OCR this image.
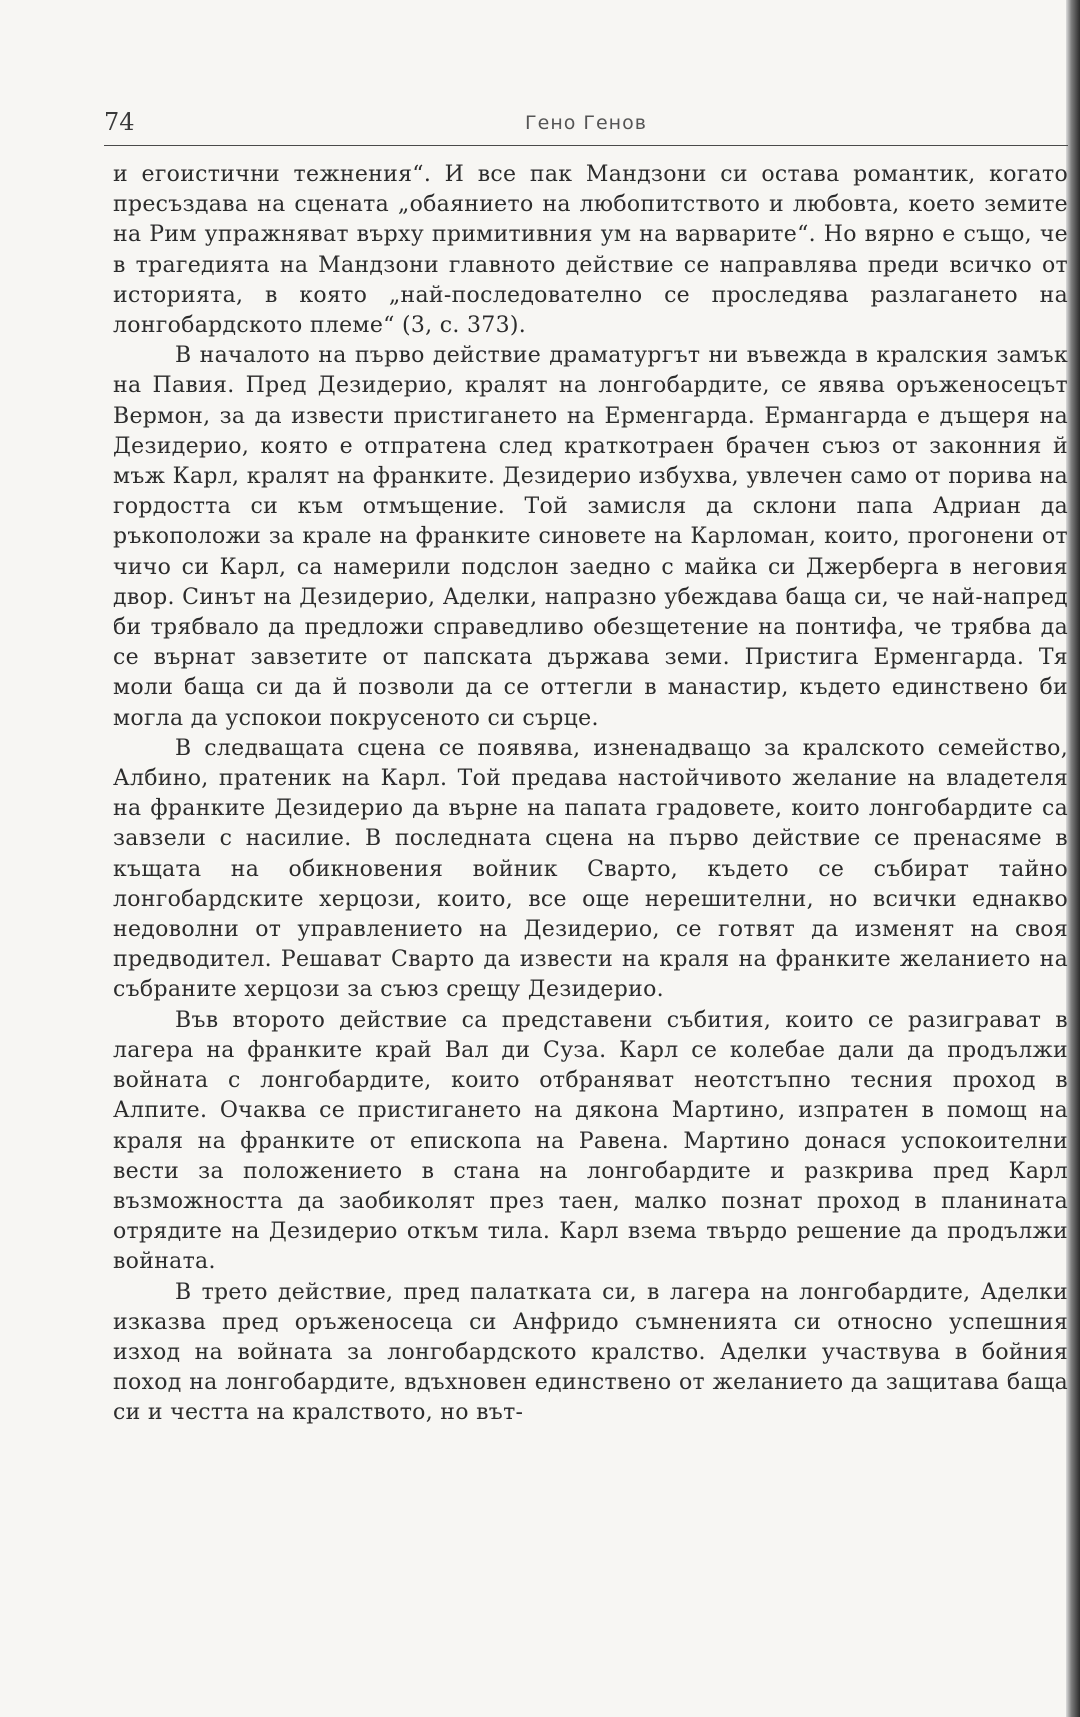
74	Гено Генов

и егоистични тежнения“. И все пак Мандзони си остава романтик, когато пресъздава на сцената „обаянието на любопитството и любовта, което земите на Рим упражняват върху примитивния ум на варварите“. Но вярно е също, че в трагедията на Мандзони главното действие се направлява преди всичко от историята, в която „най-последователно се проследява разлагането на лонгобардското племе“ (3, с. 373).

В началото на първо действие драматургът ни въвежда в кралския замък на Павия. Пред Дезидерио, кралят на лонгобардите, се явява оръженосецът Вермон, за да извести пристигането на Ерменгарда. Ермангарда е дъщеря на Дезидерио, която е отпратена след краткотраен брачен съюз от законния й мъж Карл, кралят на франките. Дезидерио избухва, увлечен само от порива на гордостта си към отмъщение. Той замисля да склони папа Адриан да ръкоположи за крале на франките синовете на Карломан, които, прогонени от чичо си Карл, са намерили подслон заедно с майка си Джерберга в неговия двор. Синът на Дезидерио, Аделки, напразно убеждава баща си, че най-напред би трябвало да предложи справедливо обезщетение на понтифа, че трябва да се върнат завзетите от папската държава земи. Пристига Ерменгарда. Тя моли баща си да й позволи да се оттегли в манастир, където единствено би могла да успокои покрусеното си сърце.

В следващата сцена се появява, изненадващо за кралското семейство, Албино, пратеник на Карл. Той предава настойчивото желание на владетеля на франките Дезидерио да върне на папата градовете, които лонгобардите са завзели с насилие. В последната сцена на първо действие се пренасяме в къщата на обикновения войник Сварто, където се събират тайно лонгобардските херцози, които, все още нерешителни, но всички еднакво недоволни от управлението на Дезидерио, се готвят да изменят на своя предводител. Решават Сварто да извести на краля на франките желанието на събраните херцози за съюз срещу Дезидерио.

Във второто действие са представени събития, които се разиграват в лагера на франките край Вал ди Суза. Карл се колебае дали да продължи войната с лонгобардите, които отбраняват неотстъпно тесния проход в Алпите. Очаква се пристигането на дякона Мартино, изпратен в помощ на краля на франките от епископа на Равена. Мартино донася успокоителни вести за положението в стана на лонгобардите и разкрива пред Карл възможността да заобиколят през таен, малко познат проход в планината отрядите на Дезидерио откъм тила. Карл взема твърдо решение да продължи войната.

В трето действие, пред палатката си, в лагера на лонгобардите, Аделки изказва пред оръженосеца си Анфридо съмненията си относно успешния изход на войната за лонгобардското кралство. Аделки участвува в бойния поход на лонгобардите, вдъхновен единствено от желанието да защитава баща си и честта на кралството, но вът-
